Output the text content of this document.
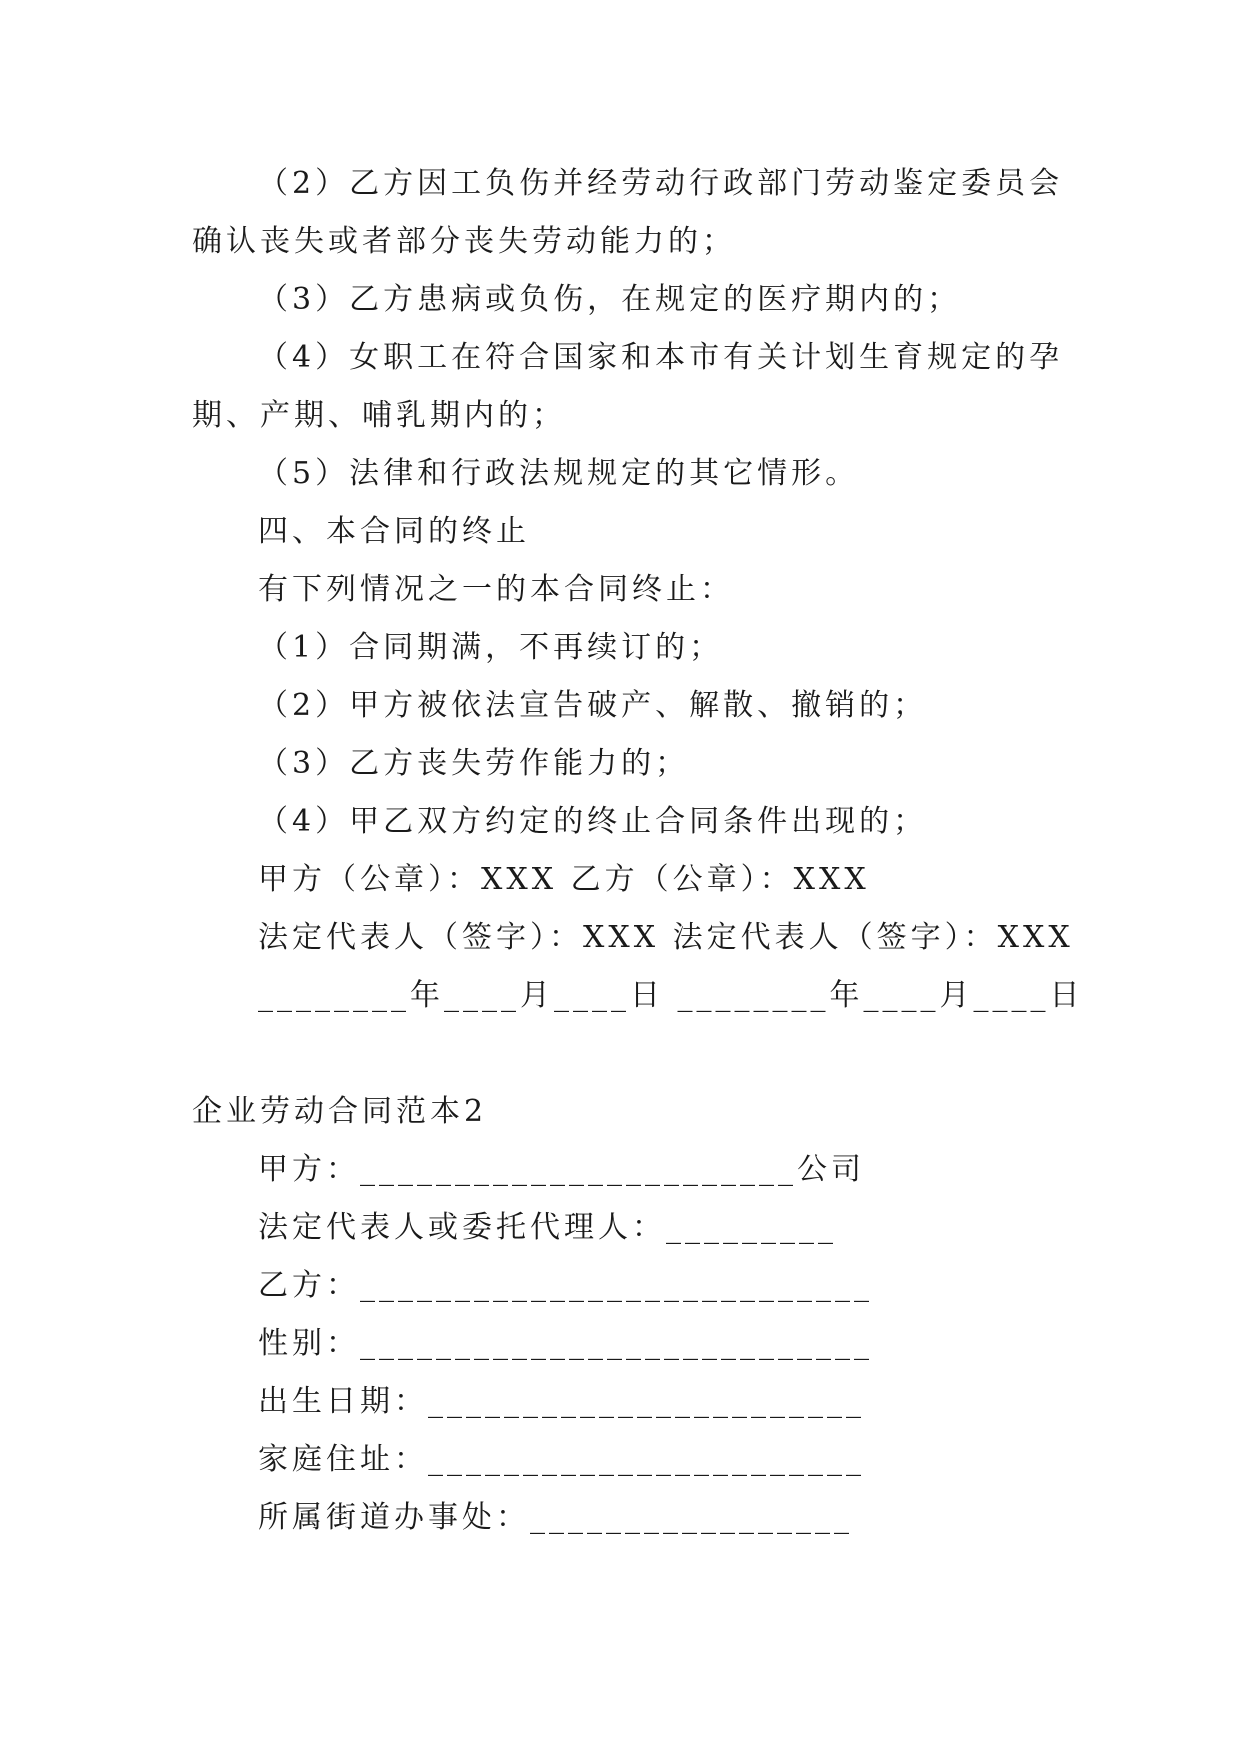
（2）乙方因工负伤并经劳动行政部门劳动鉴定委员会
确认丧失或者部分丧失劳动能力的；
（3）乙方患病或负伤，在规定的医疗期内的；
（4）女职工在符合国家和本市有关计划生育规定的孕
期、产期、哺乳期内的；
（5）法律和行政法规规定的其它情形。
四、本合同的终止
有下列情况之一的本合同终止：
（1）合同期满，不再续订的；
（2）甲方被依法宣告破产、解散、撤销的；
（3）乙方丧失劳作能力的；
（4）甲乙双方约定的终止合同条件出现的；
甲方（公章）：XXX 乙方（公章）：XXX
法定代表人（签字）：XXX 法定代表人（签字）：XXX
________年____月____日 ________年____月____日
企业劳动合同范本2
甲方：_______________________公司
法定代表人或委托代理人：_________
乙方：___________________________
性别：___________________________
出生日期：_______________________
家庭住址：_______________________
所属街道办事处：_________________
